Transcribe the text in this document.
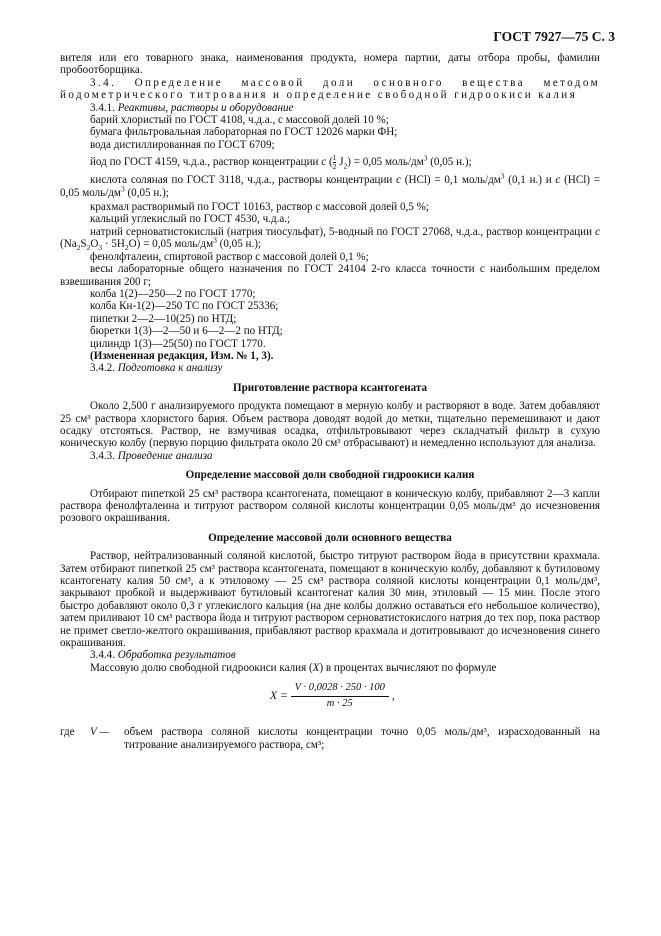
ГОСТ 7927—75 С. 3

вителя или его товарного знака, наименования продукта, номера партии, даты отбора пробы, фамилии пробоотборщика.

3.4. Определение массовой доли основного вещества методом йодометрического титрования и определение свободной гидроокиси калия

3.4.1. Реактивы, растворы и оборудование

барий хлористый по ГОСТ 4108, ч.д.а., с массовой долей 10 %;

бумага фильтровальная лабораторная по ГОСТ 12026 марки ФН;

вода дистиллированная по ГОСТ 6709;

йод по ГОСТ 4159, ч.д.а., раствор концентрации c ( $\frac{1}{2} J_2) = 0,05$ моль/$дм^3$ (0,05 н.);

кислота соляная по ГОСТ 3118, ч.д.а., растворы концентрации c (HCl) = 0,1 моль/$дм^3$ (0,1 н.) и c (HCl) = 0,05 моль/$дм^3$ (0,05 н.);

крахмал растворимый по ГОСТ 10163, раствор с массовой долей 0,5 %;

кальций углекислый по ГОСТ 4530, ч.д.а.;

натрий серноватистокислый (натрия тиосульфат), 5-водный по ГОСТ 27068, ч.д.а., раствор концентрации c $(Na_2S_2O_3 \cdot 5H_2O) = 0,05$ моль/$дм^3$ (0,05 н.);

фенолфталеин, спиртовой раствор с массовой долей 0,1 %;

весы лабораторные общего назначения по ГОСТ 24104 2-го класса точности с наибольшим пределом взвешивания 200 г;

колба 1(2)—250—2 по ГОСТ 1770;

колба Кн-1(2)—250 ТС по ГОСТ 25336;

пипетки 2—2—10(25) по НТД;

бюретки 1(3)—2—50 и 6—2—2 по НТД;

цилиндр 1(3)—25(50) по ГОСТ 1770.

(Измененная редакция, Изм. № 1, 3).

3.4.2. Подготовка к анализу

Приготовление раствора ксантогената

Около 2,500 г анализируемого продукта помещают в мерную колбу и растворяют в воде. Затем добавляют 25 см³ раствора хлористого бария. Объем раствора доводят водой до метки, тщательно перемешивают и дают осадку отстояться. Раствор, не взмучивая осадка, отфильтровывают через складчатый фильтр в сухую коническую колбу (первую порцию фильтрата около 20 см³ отбрасывают) и немедленно используют для анализа.

3.4.3. Проведение анализа

Определение массовой доли свободной гидроокиси калия

Отбирают пипеткой 25 см³ раствора ксантогената, помещают в коническую колбу, прибавляют 2—3 капли раствора фенолфталеина и титруют раствором соляной кислоты концентрации 0,05 моль/дм³ до исчезновения розового окрашивания.

Определение массовой доли основного вещества

Раствор, нейтрализованный соляной кислотой, быстро титруют раствором йода в присутствии крахмала. Затем отбирают пипеткой 25 см³ раствора ксантогената, помещают в коническую колбу, добавляют к бутиловому ксантогенату калия 50 см³, а к этиловому — 25 см³ раствора соляной кислоты концентрации 0,1 моль/дм³, закрывают пробкой и выдерживают бутиловый ксантогенат калия 30 мин, этиловый — 15 мин. После этого быстро добавляют около 0,3 г углекислого кальция (на дне колбы должно оставаться его небольшое количество), затем приливают 10 см³ раствора йода и титруют раствором серноватистокислого натрия до тех пор, пока раствор не примет светло-желтого окрашивания, прибавляют раствор крахмала и дотитровывают до исчезновения синего окрашивания.

3.4.4. Обработка результатов

Массовую долю свободной гидроокиси калия (X) в процентах вычисляют по формуле

$X = \frac{V \cdot 0,0028 \cdot 250 \cdot 100}{m \cdot 25}$ ,
где	V —	объем раствора соляной кислоты концентрации точно 0,05 моль/дм³, израсходованный на титрование анализируемого раствора, см³;
